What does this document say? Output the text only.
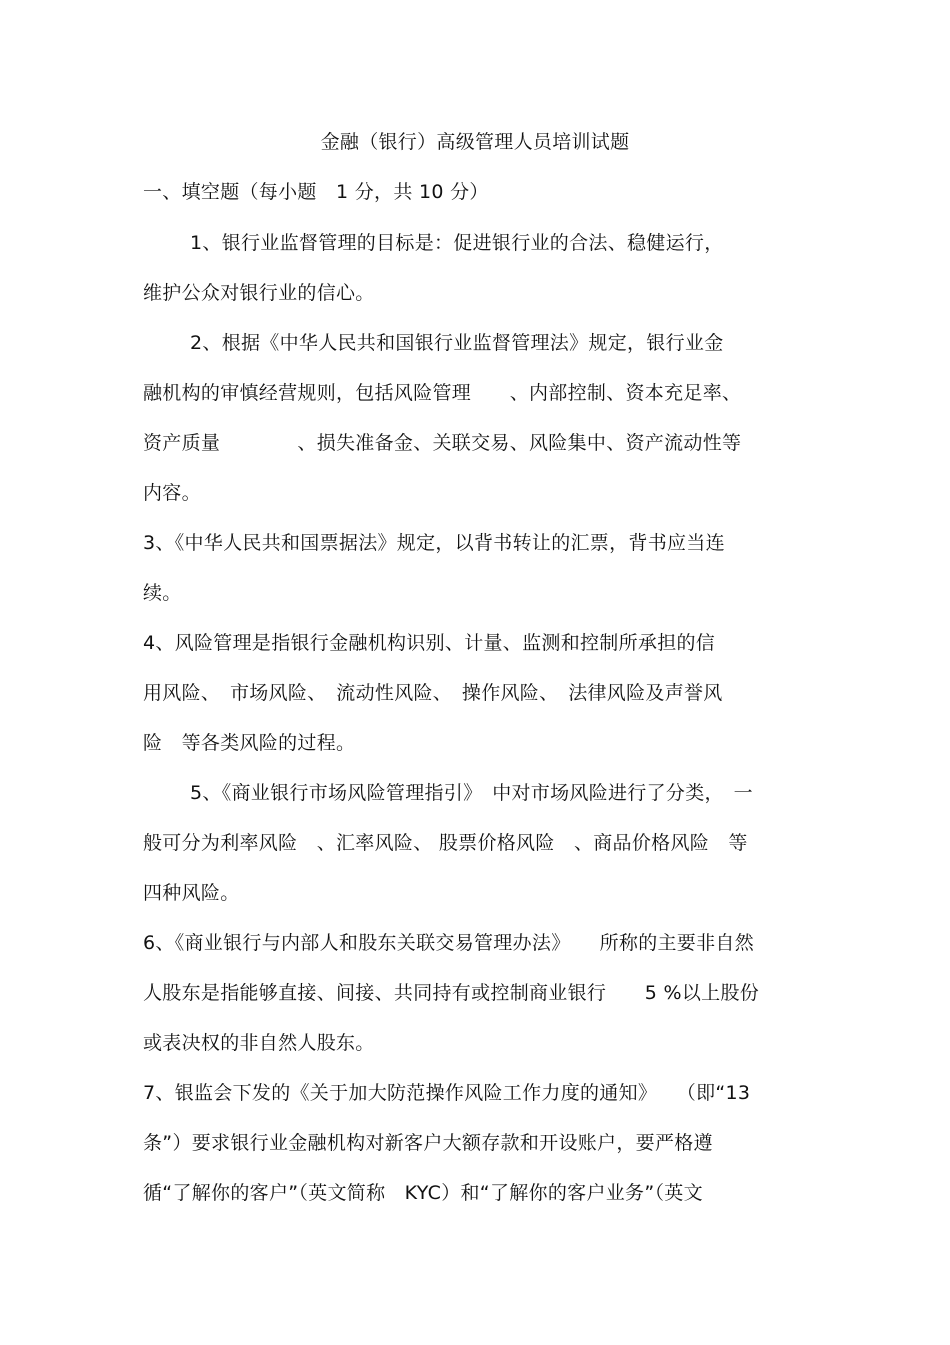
金融（银行）高级管理人员培训试题
一、填空题（每小题　1 分，共 10 分）
1、银行业监督管理的目标是：促进银行业的合法、稳健运行，
维护公众对银行业的信心。
2、根据《中华人民共和国银行业监督管理法》规定，银行业金
融机构的审慎经营规则，包括风险管理　　、内部控制、资本充足率、
资产质量　　　　、损失准备金、关联交易、风险集中、资产流动性等
内容。
3、《中华人民共和国票据法》规定，以背书转让的汇票，背书应当连
续。
4、风险管理是指银行金融机构识别、计量、监测和控制所承担的信
用风险、　市场风险、　流动性风险、　操作风险、　法律风险及声誉风
险　等各类风险的过程。
5、《商业银行市场风险管理指引》　中对市场风险进行了分类，　一
般可分为利率风险　、汇率风险、 股票价格风险　、商品价格风险　等
四种风险。
6、《商业银行与内部人和股东关联交易管理办法》　　所称的主要非自然
人股东是指能够直接、间接、共同持有或控制商业银行　　5 %以上股份
或表决权的非自然人股东。
7、银监会下发的《关于加大防范操作风险工作力度的通知》　　（即“13
条”）要求银行业金融机构对新客户大额存款和开设账户，要严格遵
循“了解你的客户”（英文简称　KYC）和“了解你的客户业务”（英文
